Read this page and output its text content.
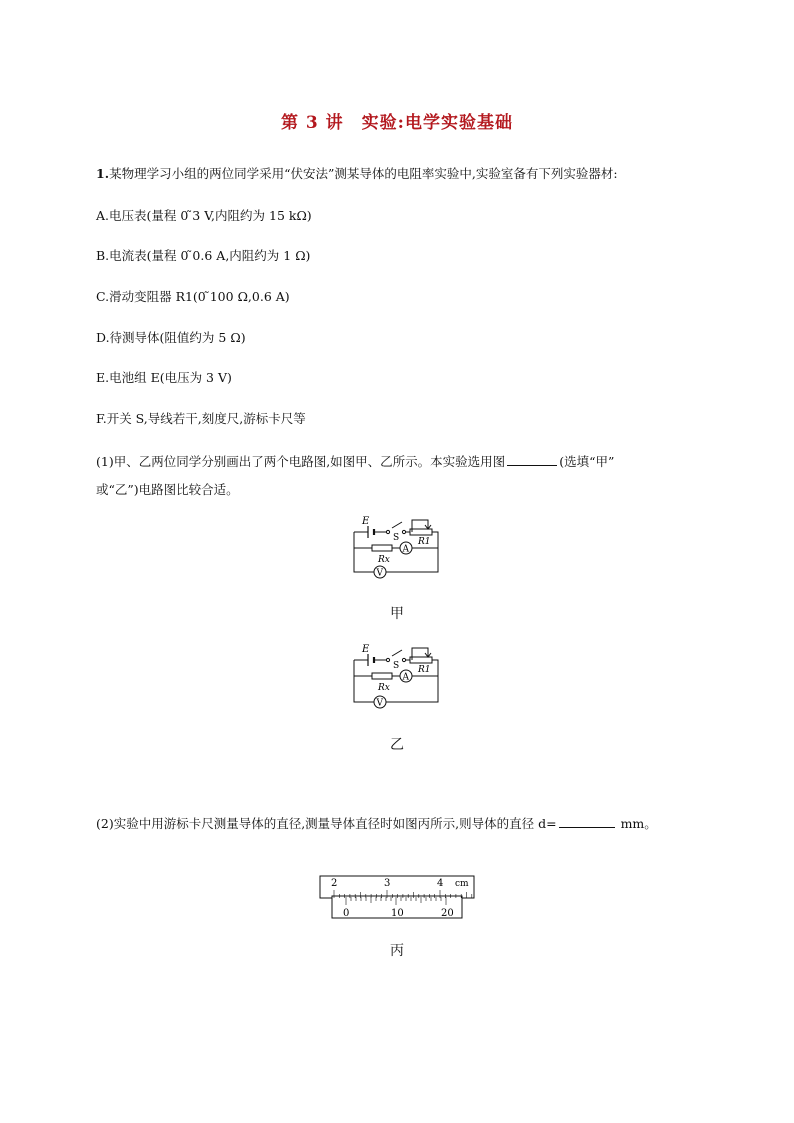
第 3 讲　实验:电学实验基础
1.某物理学习小组的两位同学采用“伏安法”测某导体的电阻率实验中,实验室备有下列实验器材:
A.电压表(量程 0 ̃3 V,内阻约为 15 kΩ)
B.电流表(量程 0 ̃0.6 A,内阻约为 1 Ω)
C.滑动变阻器 R1(0 ̃100 Ω,0.6 A)
D.待测导体(阻值约为 5 Ω)
E.电池组 E(电压为 3 V)
F.开关 S,导线若干,刻度尺,游标卡尺等
(1)甲、乙两位同学分别画出了两个电路图,如图甲、乙所示。本实验选用图	(选填“甲”
或“乙”)电路图比较合适。
E
S R1
Rx
A
V
甲
E
S R1
Rx
A
V
乙
(2)实验中用游标卡尺测量导体的直径,测量导体直径时如图丙所示,则导体的直径 d=	mm。
2	3	4 cm
0	10	20
丙
